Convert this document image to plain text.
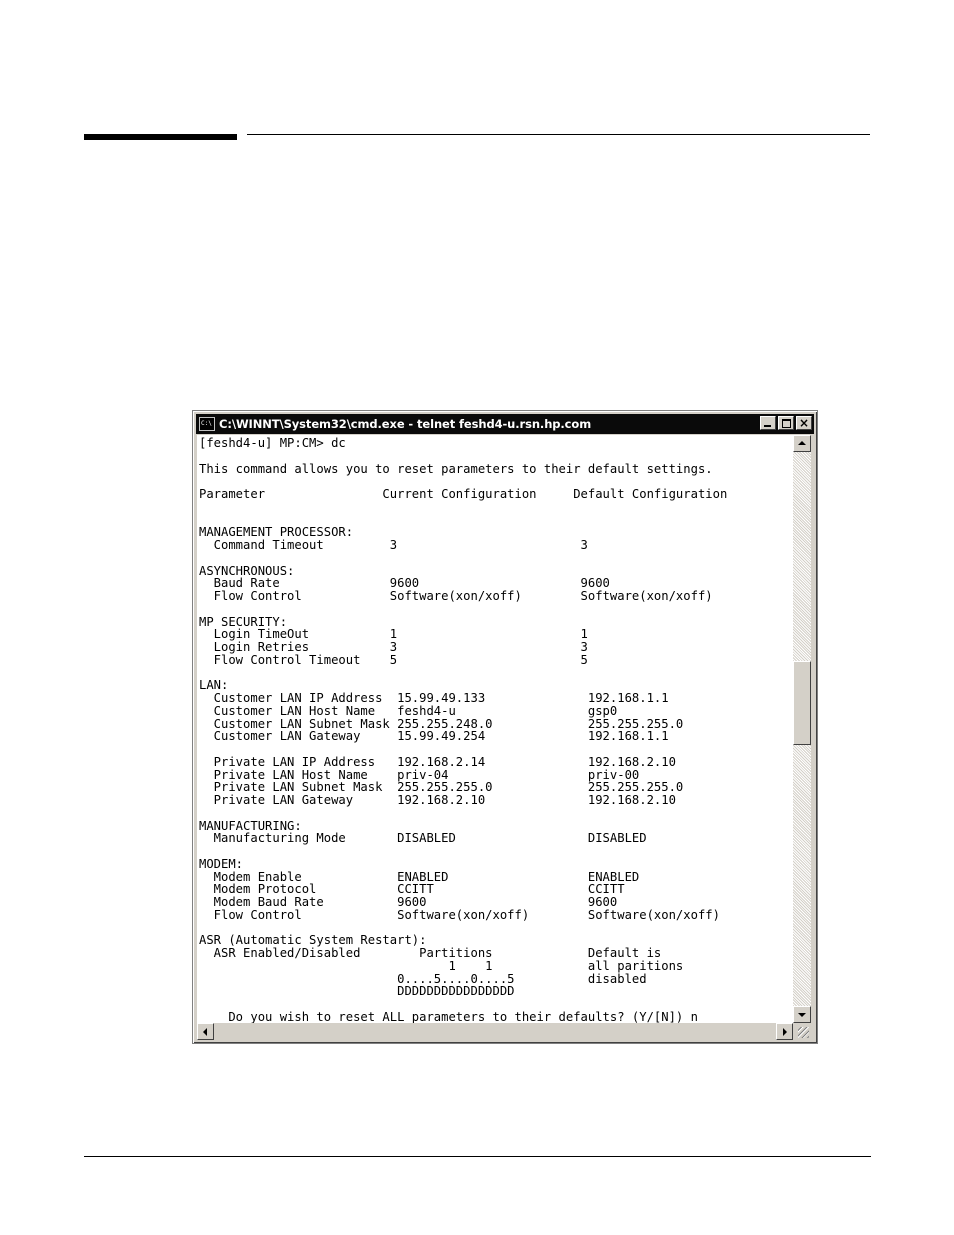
C:\ C:\WINNT\System32\cmd.exe - telnet feshd4-u.rsn.hp.com	×
[feshd4-u] MP:CM> dc

This command allows you to reset parameters to their default settings.

Parameter                Current Configuration     Default Configuration

MANAGEMENT PROCESSOR:
Command Timeout         3                         3

ASYNCHRONOUS:
Baud Rate               9600                      9600
Flow Control            Software(xon/xoff)        Software(xon/xoff)

MP SECURITY:
Login TimeOut           1                         1
Login Retries           3                         3
Flow Control Timeout    5                         5

LAN:
Customer LAN IP Address  15.99.49.133              192.168.1.1
Customer LAN Host Name   feshd4-u                  gsp0
Customer LAN Subnet Mask 255.255.248.0             255.255.255.0
Customer LAN Gateway     15.99.49.254              192.168.1.1

Private LAN IP Address   192.168.2.14              192.168.2.10
Private LAN Host Name    priv-04                   priv-00
Private LAN Subnet Mask  255.255.255.0             255.255.255.0
Private LAN Gateway      192.168.2.10              192.168.2.10

MANUFACTURING:
Manufacturing Mode       DISABLED                  DISABLED

MODEM:
Modem Enable             ENABLED                   ENABLED
Modem Protocol           CCITT                     CCITT
Modem Baud Rate          9600                      9600
Flow Control             Software(xon/xoff)        Software(xon/xoff)

ASR (Automatic System Restart):
ASR Enabled/Disabled        Partitions             Default is
1    1             all paritions
0....5....0....5          disabled
DDDDDDDDDDDDDDDD

Do you wish to reset ALL parameters to their defaults? (Y/[N]) n
